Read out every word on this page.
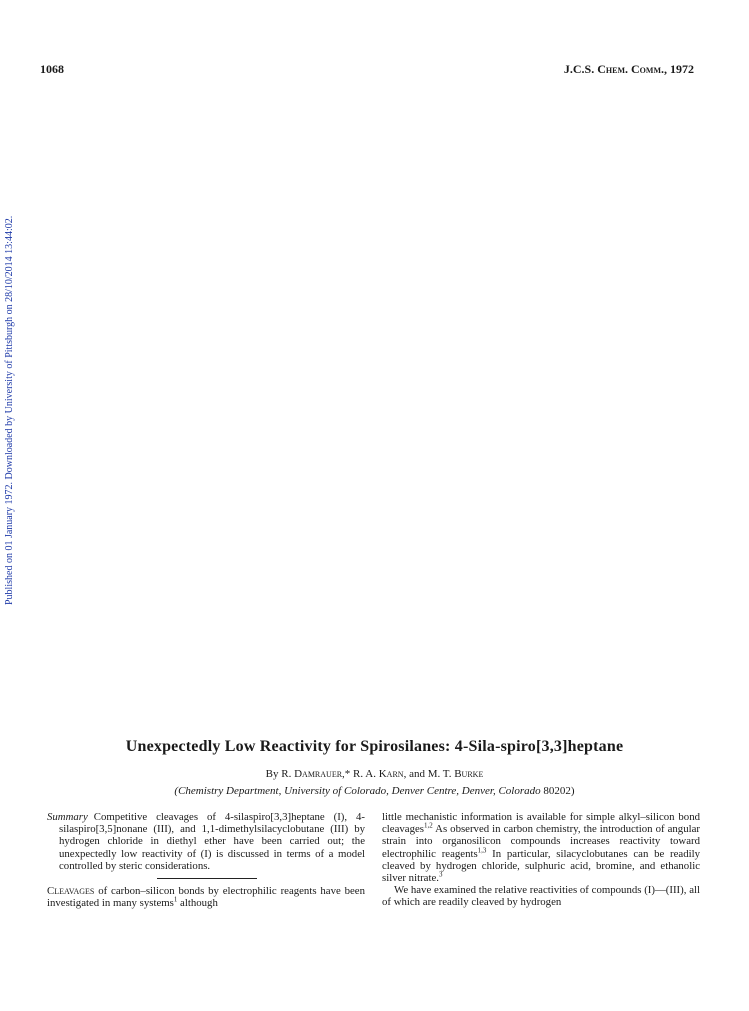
1068	J.C.S. Chem. Comm., 1972
Published on 01 January 1972. Downloaded by University of Pittsburgh on 28/10/2014 13:44:02.
Unexpectedly Low Reactivity for Spirosilanes: 4-Sila-spiro[3,3]heptane
By R. Damrauer,* R. A. Karn, and M. T. Burke
(Chemistry Department, University of Colorado, Denver Centre, Denver, Colorado 80202)

Summary Competitive cleavages of 4-silaspiro[3,3]heptane (I), 4-silaspiro[3,5]nonane (III), and 1,1-dimethylsilacyclobutane (III) by hydrogen chloride in diethyl ether have been carried out; the unexpectedly low reactivity of (I) is discussed in terms of a model controlled by steric considerations.

Cleavages of carbon–silicon bonds by electrophilic reagents have been investigated in many systems$^1$ although

little mechanistic information is available for simple alkyl–silicon bond cleavages$^{1,2}$ As observed in carbon chemistry, the introduction of angular strain into organosilicon compounds increases reactivity toward electrophilic reagents$^{1,3}$ In particular, silacyclobutanes can be readily cleaved by hydrogen chloride, sulphuric acid, bromine, and ethanolic silver nitrate.$^3$

We have examined the relative reactivities of compounds (I)—(III), all of which are readily cleaved by hydrogen
